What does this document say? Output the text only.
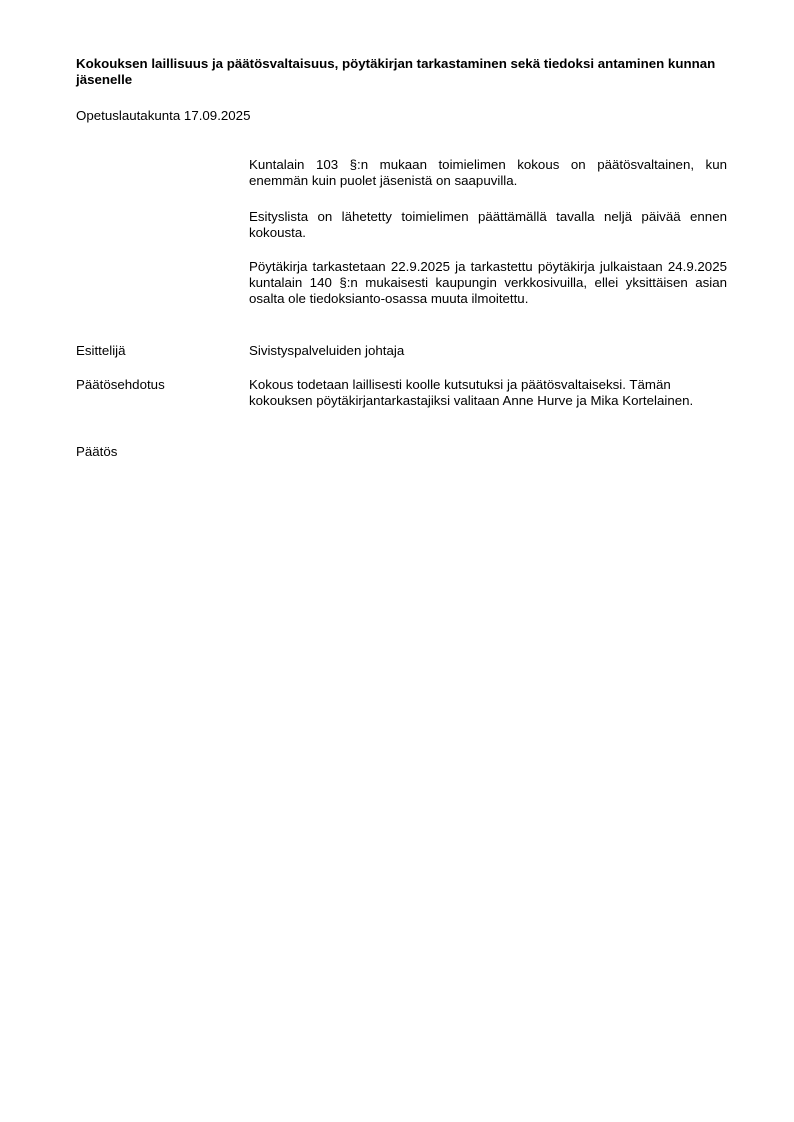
Kokouksen laillisuus ja päätösvaltaisuus, pöytäkirjan tarkastaminen sekä tiedoksi antaminen kunnan jäsenelle

Opetuslautakunta 17.09.2025

Kuntalain 103 §:n mukaan toimielimen kokous on päätösvaltainen, kun enemmän kuin puolet jäsenistä on saapuvilla.

Esityslista on lähetetty toimielimen päättämällä tavalla neljä päivää ennen kokousta.

Pöytäkirja tarkastetaan 22.9.2025 ja tarkastettu pöytäkirja julkaistaan 24.9.2025 kuntalain 140 §:n mukaisesti kaupungin verkkosivuilla, ellei yksittäisen asian osalta ole tiedoksianto-osassa muuta ilmoitettu.

Esittelijä	Sivistyspalveluiden johtaja

Päätösehdotus	Kokous todetaan laillisesti koolle kutsutuksi ja päätösvaltaiseksi. Tämän kokouksen pöytäkirjantarkastajiksi valitaan Anne Hurve ja Mika Kortelainen.

Päätös
